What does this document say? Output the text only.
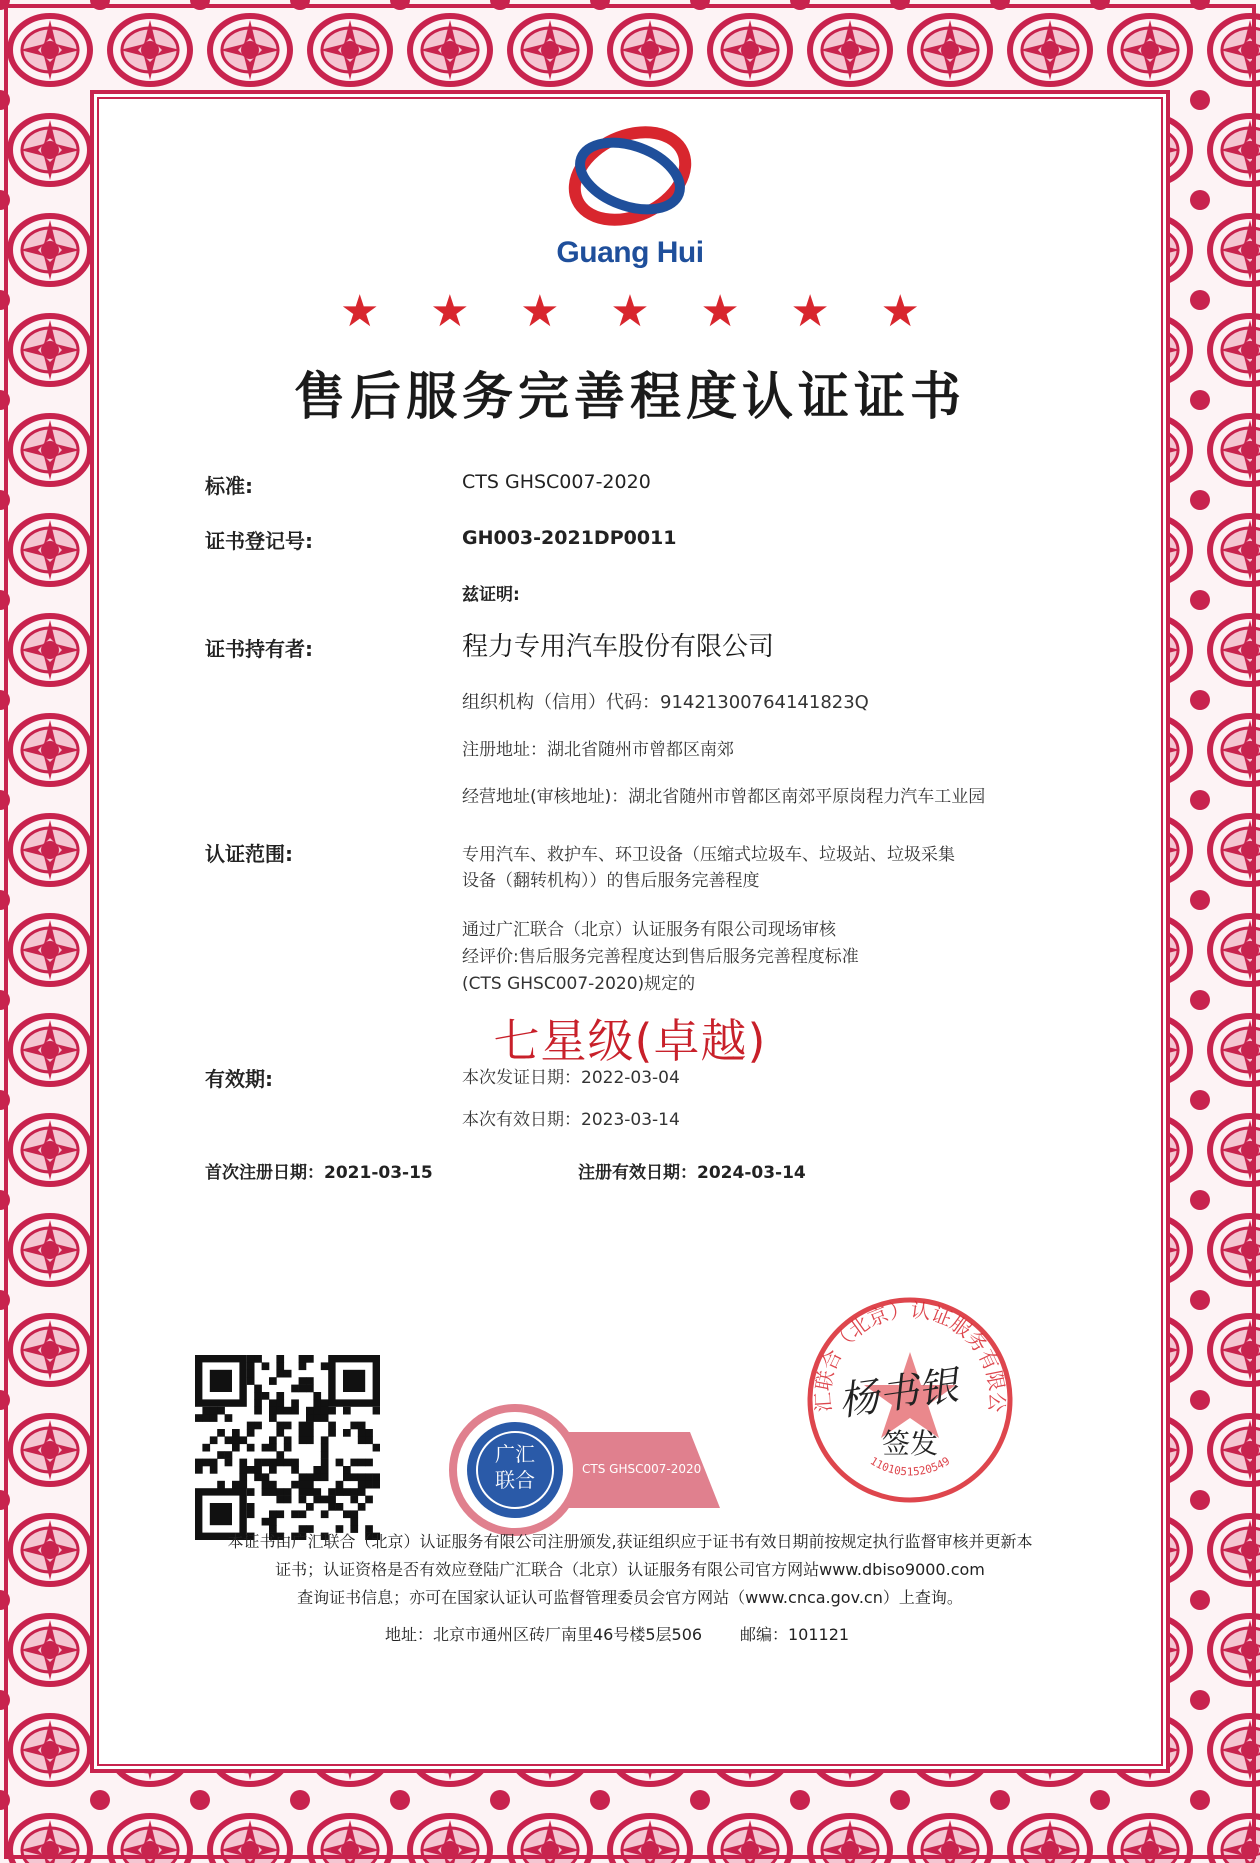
Guang Hui
★ ★ ★ ★ ★ ★ ★
售后服务完善程度认证证书
标准:	CTS GHSC007-2020
证书登记号:	GH003-2021DP0011
兹证明:
证书持有者:	程力专用汽车股份有限公司
组织机构（信用）代码：91421300764141823Q
注册地址：湖北省随州市曾都区南郊
经营地址(审核地址)：湖北省随州市曾都区南郊平原岗程力汽车工业园
认证范围:	专用汽车、救护车、环卫设备（压缩式垃圾车、垃圾站、垃圾采集
设备（翻转机构））的售后服务完善程度
通过广汇联合（北京）认证服务有限公司现场审核
经评价:售后服务完善程度达到售后服务完善程度标准
(CTS GHSC007-2020)规定的
七星级(卓越)
有效期:	本次发证日期：2022-03-04
本次有效日期：2023-03-14
首次注册日期：2021-03-15	注册有效日期：2024-03-14
广汇
联合	CTS GHSC007-2020
汇联合（北京）认证服务有限公
1101051520549
杨书银
签发
本证书由广汇联合（北京）认证服务有限公司注册颁发,获证组织应于证书有效日期前按规定执行监督审核并更新本
证书；认证资格是否有效应登陆广汇联合（北京）认证服务有限公司官方网站www.dbiso9000.com
查询证书信息；亦可在国家认证认可监督管理委员会官方网站（www.cnca.gov.cn）上查询。
地址：北京市通州区砖厂南里46号楼5层506 邮编：101121
